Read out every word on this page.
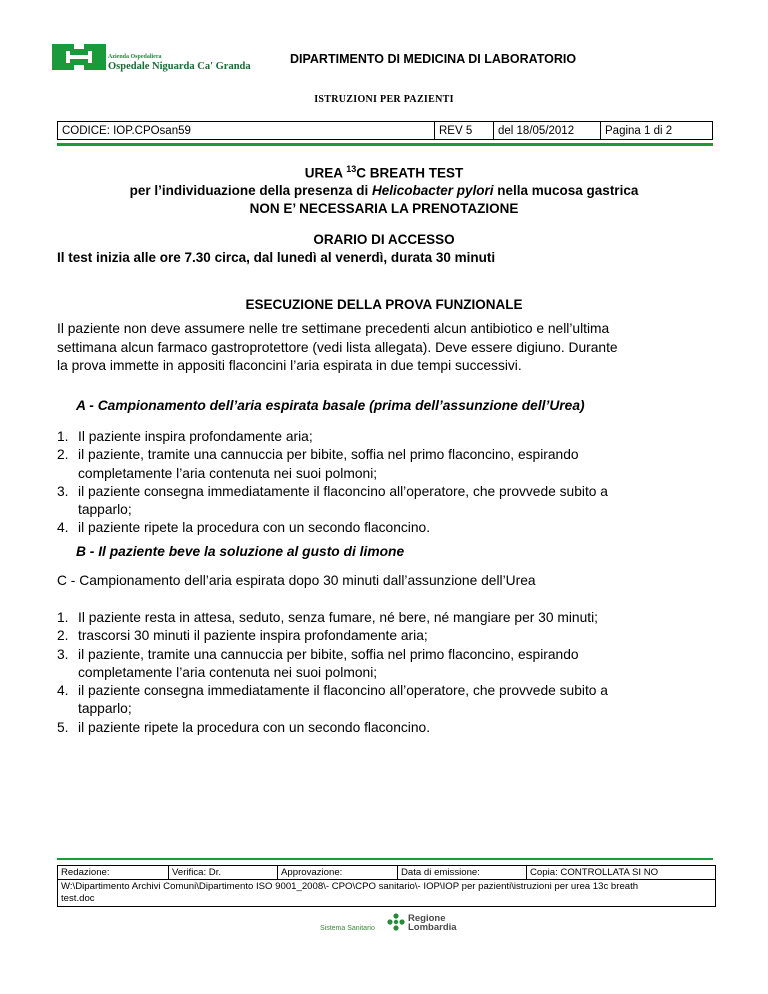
Azienda Ospedaliera
Ospedale Niguarda Ca' Granda
DIPARTIMENTO DI MEDICINA DI LABORATORIO
ISTRUZIONI PER PAZIENTI
CODICE: IOP.CPOsan59	REV 5	del 18/05/2012	Pagina 1 di 2
UREA $^{13}$C BREATH TEST
per l’individuazione della presenza di Helicobacter pylori nella mucosa gastrica
NON E’ NECESSARIA LA PRENOTAZIONE
ORARIO DI ACCESSO
Il test inizia alle ore 7.30 circa, dal lunedì al venerdì, durata 30 minuti
ESECUZIONE DELLA PROVA FUNZIONALE
Il paziente non deve assumere nelle tre settimane precedenti alcun antibiotico e nell’ultima
settimana alcun farmaco gastroprotettore (vedi lista allegata). Deve essere digiuno. Durante
la prova immette in appositi flaconcini l’aria espirata in due tempi successivi.
A - Campionamento dell’aria espirata basale (prima dell’assunzione dell’Urea)
1. Il paziente inspira profondamente aria;
2. il paziente, tramite una cannuccia per bibite, soffia nel primo flaconcino, espirando
completamente l’aria contenuta nei suoi polmoni;
3. il paziente consegna immediatamente il flaconcino all’operatore, che provvede subito a
tapparlo;
4. il paziente ripete la procedura con un secondo flaconcino.
B - Il paziente beve la soluzione al gusto di limone
C - Campionamento dell’aria espirata dopo 30 minuti dall’assunzione dell’Urea
1. Il paziente resta in attesa, seduto, senza fumare, né bere, né mangiare per 30 minuti;
2. trascorsi 30 minuti il paziente inspira profondamente aria;
3. il paziente, tramite una cannuccia per bibite, soffia nel primo flaconcino, espirando
completamente l’aria contenuta nei suoi polmoni;
4. il paziente consegna immediatamente il flaconcino all’operatore, che provvede subito a
tapparlo;
5. il paziente ripete la procedura con un secondo flaconcino.
Redazione:	Verifica: Dr.	Approvazione:	Data di emissione:	Copia: CONTROLLATA SI NO

W:\Dipartimento Archivi Comuni\Dipartimento ISO 9001_2008\- CPO\CPO sanitario\- IOP\IOP per pazienti\istruzioni per urea 13c breath
test.doc
Sistema Sanitario
Regione
Lombardia
